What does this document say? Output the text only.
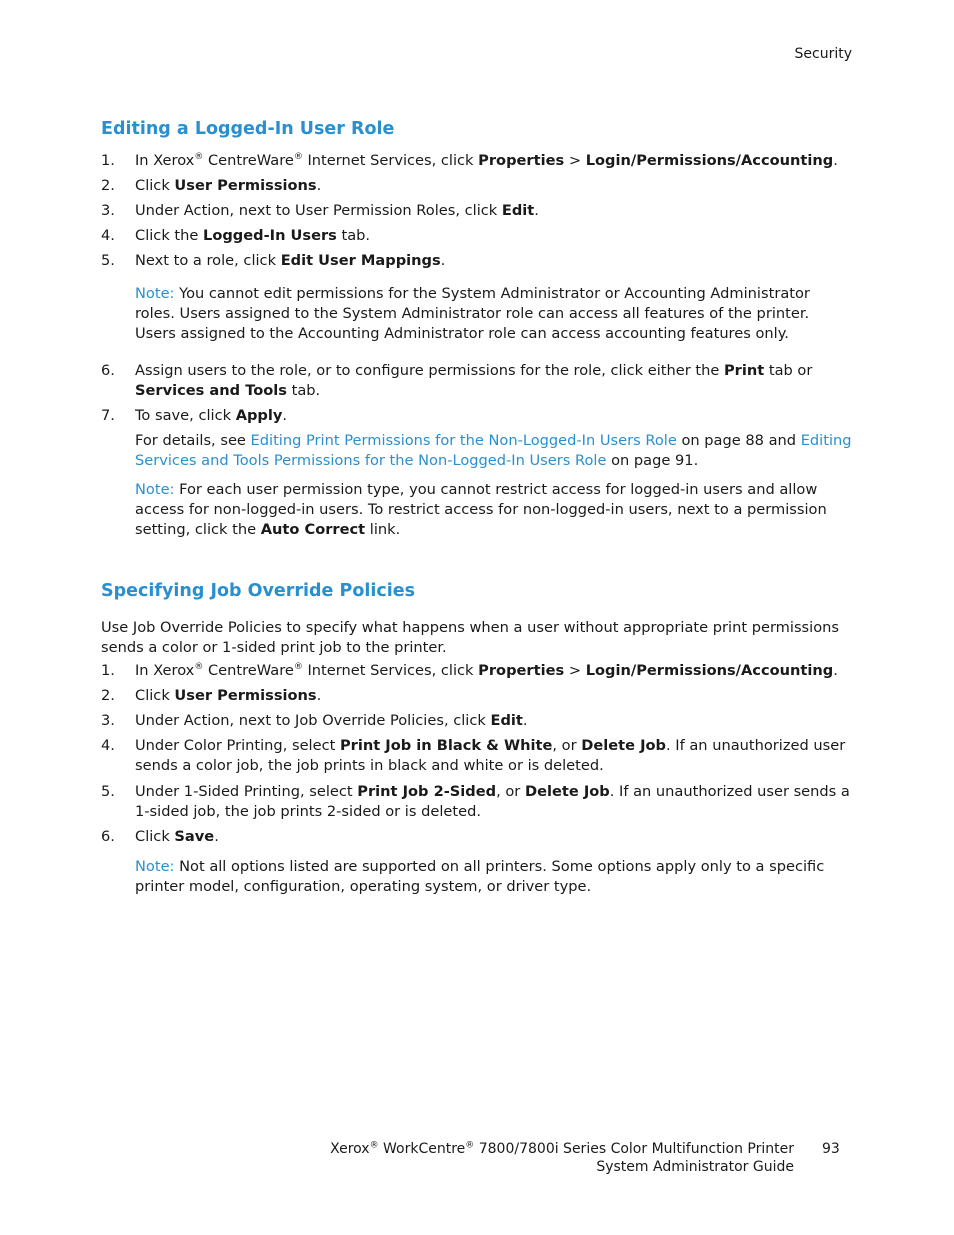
Security
Editing a Logged-In User Role
1.	In Xerox® CentreWare® Internet Services, click Properties > Login/Permissions/Accounting.
2.	Click User Permissions.
3.	Under Action, next to User Permission Roles, click Edit.
4.	Click the Logged-In Users tab.
5.	Next to a role, click Edit User Mappings.
Note: You cannot edit permissions for the System Administrator or Accounting Administrator roles. Users assigned to the System Administrator role can access all features of the printer. Users assigned to the Accounting Administrator role can access accounting features only.
6.	Assign users to the role, or to configure permissions for the role, click either the Print tab or Services and Tools tab.
7.	To save, click Apply.
For details, see Editing Print Permissions for the Non-Logged-In Users Role on page 88 and Editing Services and Tools Permissions for the Non-Logged-In Users Role on page 91.
Note: For each user permission type, you cannot restrict access for logged-in users and allow access for non-logged-in users. To restrict access for non-logged-in users, next to a permission setting, click the Auto Correct link.
Specifying Job Override Policies
Use Job Override Policies to specify what happens when a user without appropriate print permissions sends a color or 1-sided print job to the printer.
1.	In Xerox® CentreWare® Internet Services, click Properties > Login/Permissions/Accounting.
2.	Click User Permissions.
3.	Under Action, next to Job Override Policies, click Edit.
4.	Under Color Printing, select Print Job in Black & White, or Delete Job. If an unauthorized user sends a color job, the job prints in black and white or is deleted.
5.	Under 1-Sided Printing, select Print Job 2-Sided, or Delete Job. If an unauthorized user sends a 1-sided job, the job prints 2-sided or is deleted.
6.	Click Save.
Note: Not all options listed are supported on all printers. Some options apply only to a specific printer model, configuration, operating system, or driver type.
Xerox® WorkCentre® 7800/7800i Series Color Multifunction Printer
System Administrator Guide
93
